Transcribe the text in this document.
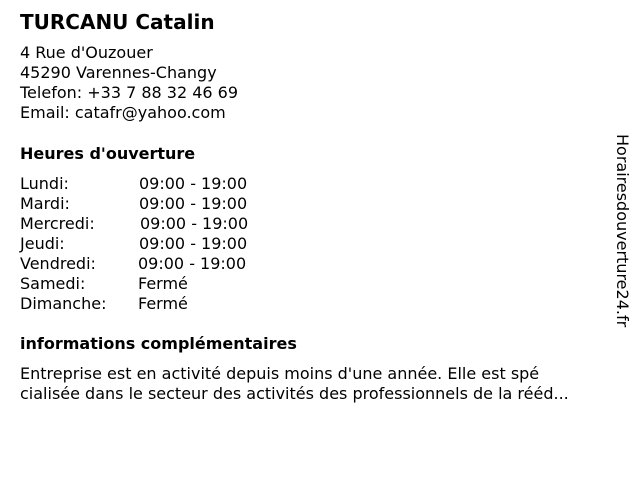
TURCANU Catalin
4 Rue d'Ouzouer
45290 Varennes-Changy
Telefon: +33 7 88 32 46 69
Email: catafr@yahoo.com
Heures d'ouverture
Lundi:	09:00 - 19:00
Mardi:	09:00 - 19:00
Mercredi:	09:00 - 19:00
Jeudi:	09:00 - 19:00
Vendredi:	09:00 - 19:00
Samedi:	Fermé
Dimanche: Fermé
informations complémentaires
Entreprise est en activité depuis moins d'une année. Elle est spé
cialisée dans le secteur des activités des professionnels de la rééd...
Horairesdouverture24.fr
